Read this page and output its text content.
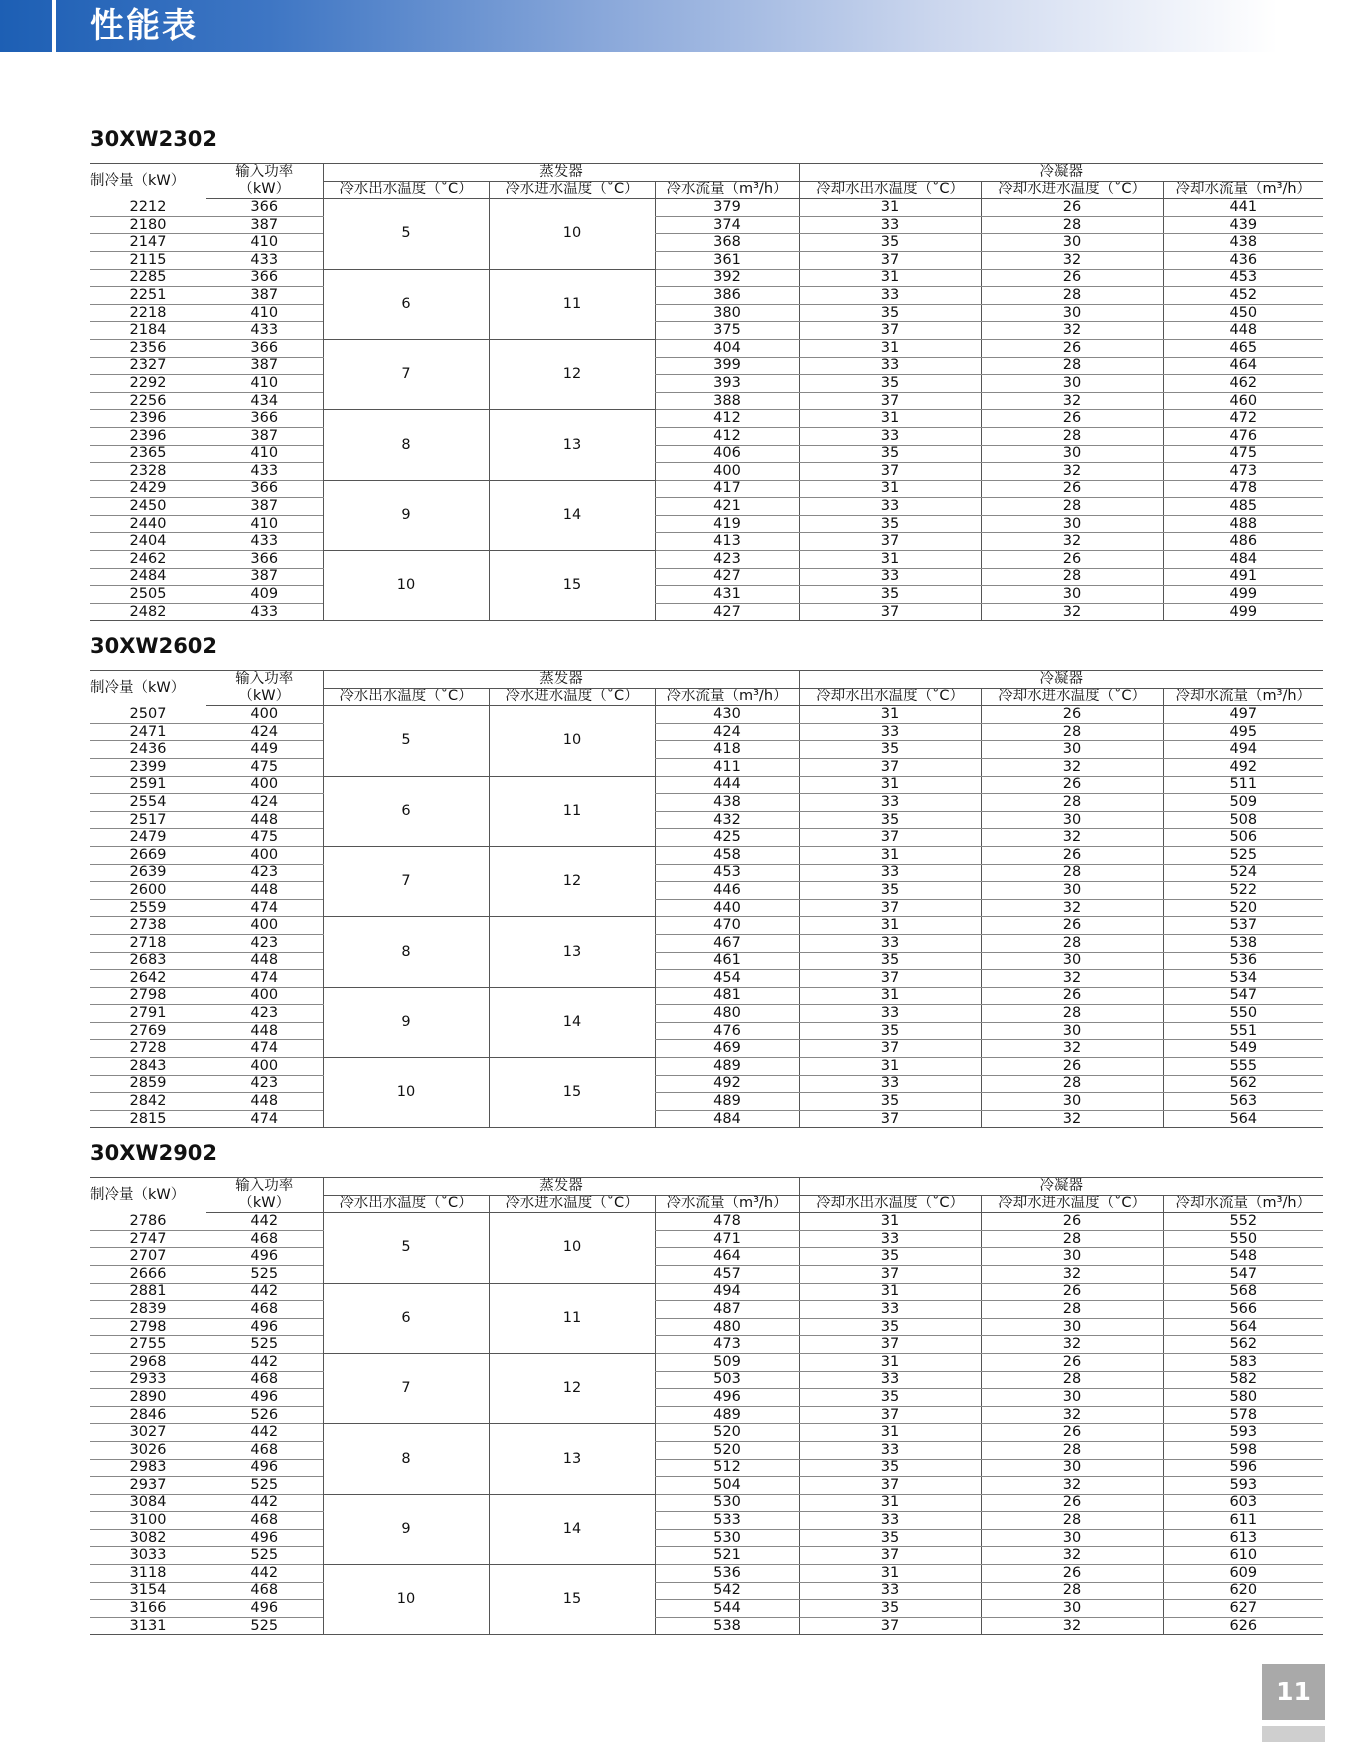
性能表
30XW2302
制冷量（kW）	输入功率	蒸发器			冷凝器		
	（kW）	冷水出水温度（˚C）	冷水进水温度（˚C）	冷水流量（m³/h）	冷却水出水温度（˚C）	冷却水进水温度（˚C）	冷却水流量（m³/h）
2212	366	5	10	379	31	26	441
2180	387			374	33	28	439
2147	410			368	35	30	438
2115	433			361	37	32	436
2285	366	6	11	392	31	26	453
2251	387			386	33	28	452
2218	410			380	35	30	450
2184	433			375	37	32	448
2356	366	7	12	404	31	26	465
2327	387			399	33	28	464
2292	410			393	35	30	462
2256	434			388	37	32	460
2396	366	8	13	412	31	26	472
2396	387			412	33	28	476
2365	410			406	35	30	475
2328	433			400	37	32	473
2429	366	9	14	417	31	26	478
2450	387			421	33	28	485
2440	410			419	35	30	488
2404	433			413	37	32	486
2462	366	10	15	423	31	26	484
2484	387			427	33	28	491
2505	409			431	35	30	499
2482	433			427	37	32	499
30XW2602
制冷量（kW）	输入功率	蒸发器			冷凝器		
	（kW）	冷水出水温度（˚C）	冷水进水温度（˚C）	冷水流量（m³/h）	冷却水出水温度（˚C）	冷却水进水温度（˚C）	冷却水流量（m³/h）
2507	400	5	10	430	31	26	497
2471	424			424	33	28	495
2436	449			418	35	30	494
2399	475			411	37	32	492
2591	400	6	11	444	31	26	511
2554	424			438	33	28	509
2517	448			432	35	30	508
2479	475			425	37	32	506
2669	400	7	12	458	31	26	525
2639	423			453	33	28	524
2600	448			446	35	30	522
2559	474			440	37	32	520
2738	400	8	13	470	31	26	537
2718	423			467	33	28	538
2683	448			461	35	30	536
2642	474			454	37	32	534
2798	400	9	14	481	31	26	547
2791	423			480	33	28	550
2769	448			476	35	30	551
2728	474			469	37	32	549
2843	400	10	15	489	31	26	555
2859	423			492	33	28	562
2842	448			489	35	30	563
2815	474			484	37	32	564
30XW2902
制冷量（kW）	输入功率	蒸发器			冷凝器		
	（kW）	冷水出水温度（˚C）	冷水进水温度（˚C）	冷水流量（m³/h）	冷却水出水温度（˚C）	冷却水进水温度（˚C）	冷却水流量（m³/h）
2786	442	5	10	478	31	26	552
2747	468			471	33	28	550
2707	496			464	35	30	548
2666	525			457	37	32	547
2881	442	6	11	494	31	26	568
2839	468			487	33	28	566
2798	496			480	35	30	564
2755	525			473	37	32	562
2968	442	7	12	509	31	26	583
2933	468			503	33	28	582
2890	496			496	35	30	580
2846	526			489	37	32	578
3027	442	8	13	520	31	26	593
3026	468			520	33	28	598
2983	496			512	35	30	596
2937	525			504	37	32	593
3084	442	9	14	530	31	26	603
3100	468			533	33	28	611
3082	496			530	35	30	613
3033	525			521	37	32	610
3118	442	10	15	536	31	26	609
3154	468			542	33	28	620
3166	496			544	35	30	627
3131	525			538	37	32	626
11
